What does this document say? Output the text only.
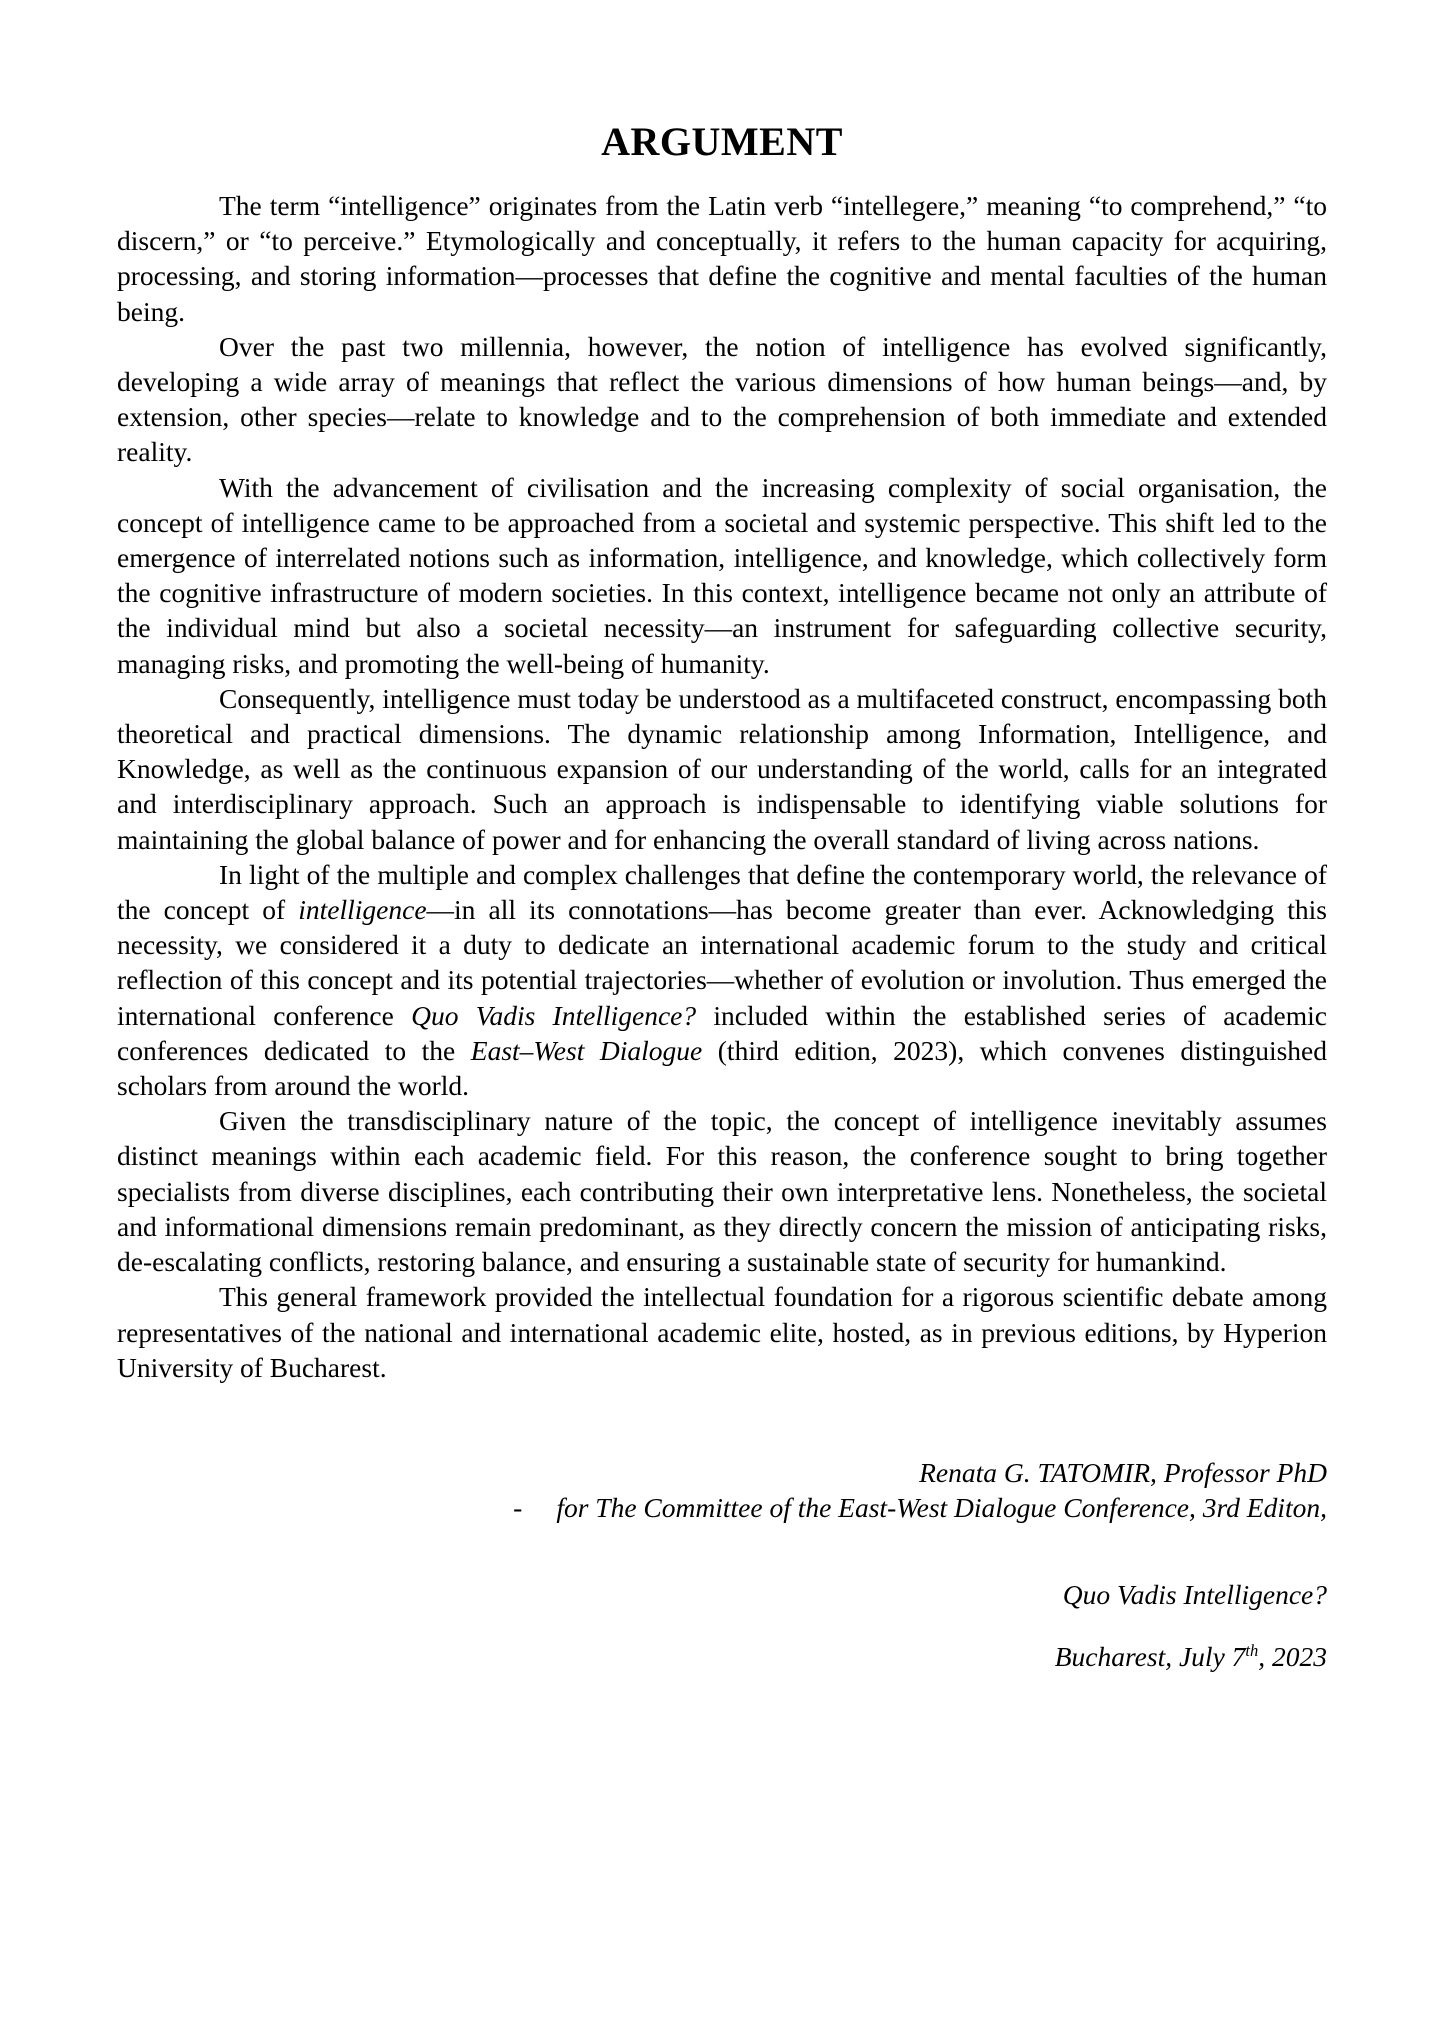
ARGUMENT

The term “intelligence” originates from the Latin verb “intellegere,” meaning “to comprehend,” “to discern,” or “to perceive.” Etymologically and conceptually, it refers to the human capacity for acquiring, processing, and storing information—processes that define the cognitive and mental faculties of the human being.

Over the past two millennia, however, the notion of intelligence has evolved significantly, developing a wide array of meanings that reflect the various dimensions of how human beings—and, by extension, other species—relate to knowledge and to the comprehension of both immediate and extended reality.

With the advancement of civilisation and the increasing complexity of social organisation, the concept of intelligence came to be approached from a societal and systemic perspective. This shift led to the emergence of interrelated notions such as information, intelligence, and knowledge, which collectively form the cognitive infrastructure of modern societies. In this context, intelligence became not only an attribute of the individual mind but also a societal necessity—an instrument for safeguarding collective security, managing risks, and promoting the well-being of humanity.

Consequently, intelligence must today be understood as a multifaceted construct, encompassing both theoretical and practical dimensions. The dynamic relationship among Information, Intelligence, and Knowledge, as well as the continuous expansion of our understanding of the world, calls for an integrated and interdisciplinary approach. Such an approach is indispensable to identifying viable solutions for maintaining the global balance of power and for enhancing the overall standard of living across nations.

In light of the multiple and complex challenges that define the contemporary world, the relevance of the concept of intelligence—in all its connotations—has become greater than ever. Acknowledging this necessity, we considered it a duty to dedicate an international academic forum to the study and critical reflection of this concept and its potential trajectories—whether of evolution or involution. Thus emerged the international conference Quo Vadis Intelligence? included within the established series of academic conferences dedicated to the East–West Dialogue (third edition, 2023), which convenes distinguished scholars from around the world.

Given the transdisciplinary nature of the topic, the concept of intelligence inevitably assumes distinct meanings within each academic field. For this reason, the conference sought to bring together specialists from diverse disciplines, each contributing their own interpretative lens. Nonetheless, the societal and informational dimensions remain predominant, as they directly concern the mission of anticipating risks, de-escalating conflicts, restoring balance, and ensuring a sustainable state of security for humankind.

This general framework provided the intellectual foundation for a rigorous scientific debate among representatives of the national and international academic elite, hosted, as in previous editions, by Hyperion University of Bucharest.

Renata G. TATOMIR, Professor PhD

- for The Committee of the East-West Dialogue Conference, 3rd Editon,

Quo Vadis Intelligence?

Bucharest, July 7th, 2023
